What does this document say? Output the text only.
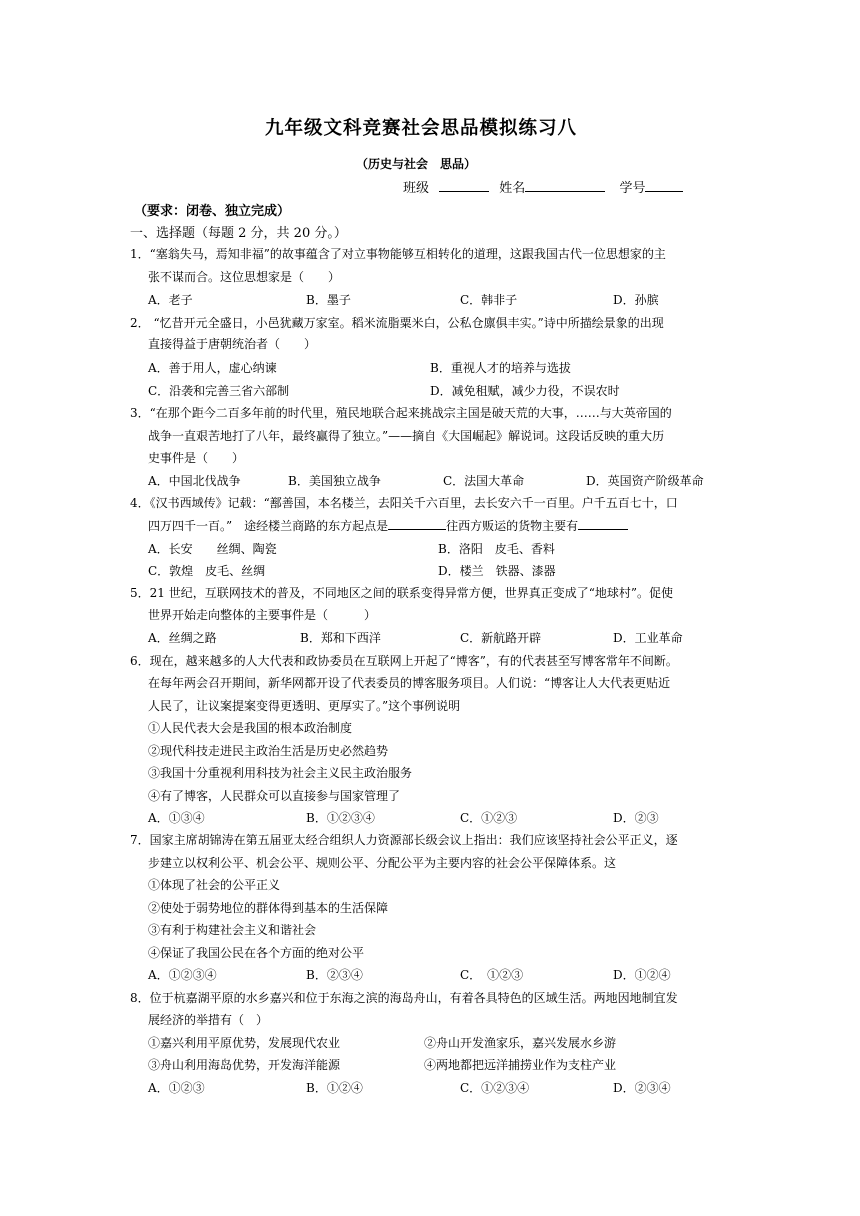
九年级文科竞赛社会思品模拟练习八
（历史与社会　思品）
班级	姓名	学号
（要求：闭卷、独立完成）
一、选择题（每题 2 分，共 20 分。）
1．“塞翁失马，焉知非福”的故事蕴含了对立事物能够互相转化的道理，这跟我国古代一位思想家的主
张不谋而合。这位思想家是（　　）
A．老子	B．墨子	C．韩非子	D．孙膑
2． “忆昔开元全盛日，小邑犹藏万家室。稻米流脂粟米白，公私仓廪俱丰实。”诗中所描绘景象的出现
直接得益于唐朝统治者（　　）
A．善于用人，虚心纳谏	B．重视人才的培养与选拔
C．沿袭和完善三省六部制	D．减免租赋，减少力役，不误农时
3．“在那个距今二百多年前的时代里，殖民地联合起来挑战宗主国是破天荒的大事，……与大英帝国的
战争一直艰苦地打了八年，最终赢得了独立。”——摘自《大国崛起》解说词。这段话反映的重大历
史事件是（　　）
A．中国北伐战争	B．美国独立战争	C．法国大革命	D．英国资产阶级革命
4．《汉书西域传》记载：“鄯善国，本名楼兰，去阳关千六百里，去长安六千一百里。户千五百七十，口
四万四千一百。”　途经楼兰商路的东方起点是	往西方贩运的货物主要有
A．长安　　丝绸、陶瓷	B．洛阳　皮毛、香料
C．敦煌　皮毛、丝绸	D．楼兰　铁器、漆器
5．21 世纪，互联网技术的普及，不同地区之间的联系变得异常方便，世界真正变成了“地球村”。促使
世界开始走向整体的主要事件是（　　　）
A．丝绸之路	B．郑和下西洋	C．新航路开辟	D．工业革命
6．现在，越来越多的人大代表和政协委员在互联网上开起了“博客”，有的代表甚至写博客常年不间断。
在每年两会召开期间，新华网都开设了代表委员的博客服务项目。人们说：“博客让人大代表更贴近
人民了，让议案提案变得更透明、更厚实了。”这个事例说明
①人民代表大会是我国的根本政治制度
②现代科技走进民主政治生活是历史必然趋势
③我国十分重视利用科技为社会主义民主政治服务
④有了博客，人民群众可以直接参与国家管理了
A．①③④	B．①②③④	C．①②③	D．②③
7．国家主席胡锦涛在第五届亚太经合组织人力资源部长级会议上指出：我们应该坚持社会公平正义，逐
步建立以权利公平、机会公平、规则公平、分配公平为主要内容的社会公平保障体系。这
①体现了社会的公平正义
②使处于弱势地位的群体得到基本的生活保障
③有利于构建社会主义和谐社会
④保证了我国公民在各个方面的绝对公平
A．①②③④	B．②③④	C．　①②③	D．①②④
8．位于杭嘉湖平原的水乡嘉兴和位于东海之滨的海岛舟山，有着各具特色的区域生活。两地因地制宜发
展经济的举措有（　）
①嘉兴利用平原优势，发展现代农业	②舟山开发渔家乐，嘉兴发展水乡游
③舟山利用海岛优势，开发海洋能源	④两地都把远洋捕捞业作为支柱产业
A．①②③	B．①②④	C．①②③④	D．②③④
